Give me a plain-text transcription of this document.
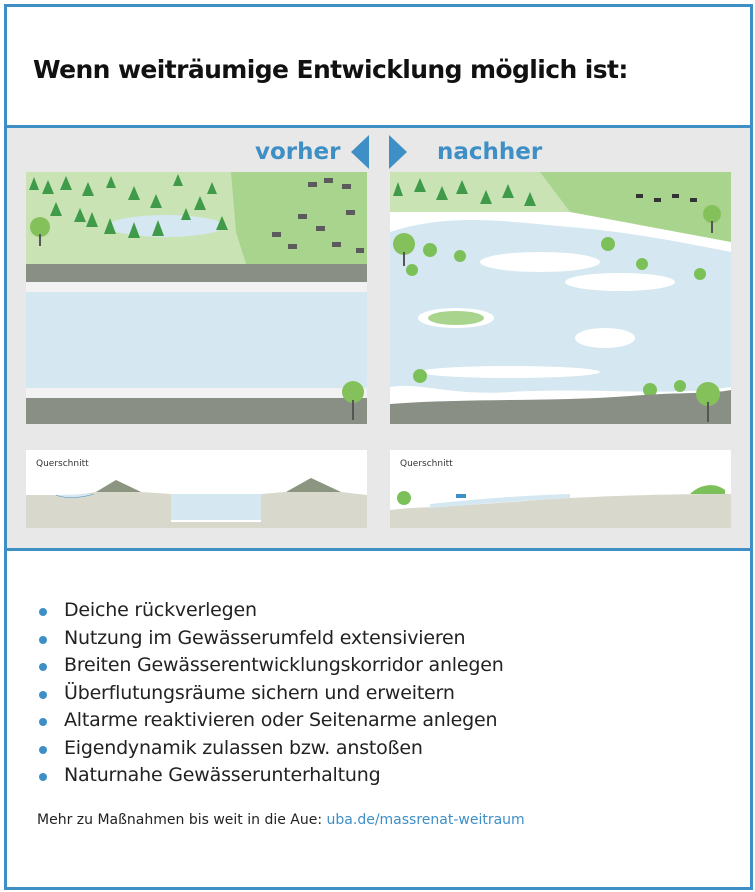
Wenn weiträumige Entwicklung möglich ist:
vorher	nachher
Querschnitt	Querschnitt
Deiche rückverlegen
Nutzung im Gewässerumfeld extensivieren
Breiten Gewässerentwicklungskorridor anlegen
Überflutungsräume sichern und erweitern
Altarme reaktivieren oder Seitenarme anlegen
Eigendynamik zulassen bzw. anstoßen
Naturnahe Gewässerunterhaltung
Mehr zu Maßnahmen bis weit in die Aue: uba.de/massrenat-weitraum
